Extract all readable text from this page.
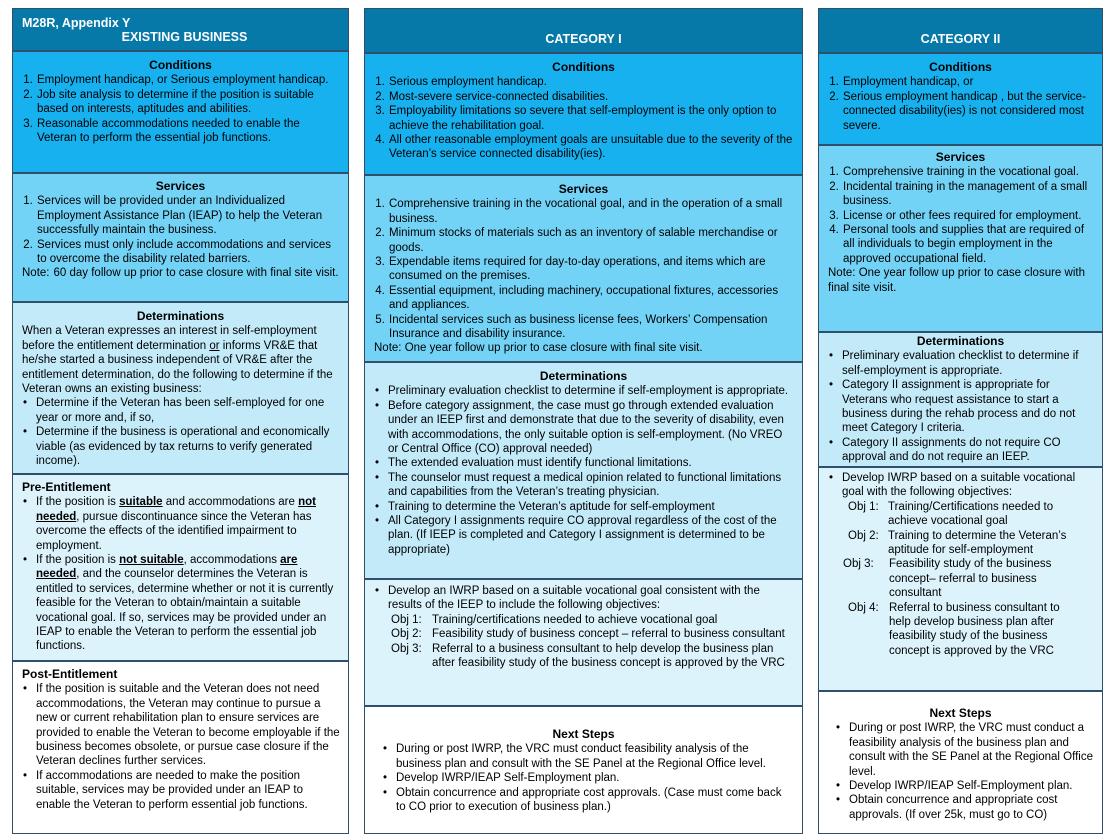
M28R, Appendix Y
EXISTING BUSINESS
Conditions
1. Employment handicap, or Serious employment handicap.
2. Job site analysis to determine if the position is suitable based on interests, aptitudes and abilities.
3. Reasonable accommodations needed to enable the Veteran to perform the essential job functions.
Services
1. Services will be provided under an Individualized Employment Assistance Plan (IEAP) to help the Veteran successfully maintain the business.
2. Services must only include accommodations and services to overcome the disability related barriers.
Note: 60 day follow up prior to case closure with final site visit.
Determinations
When a Veteran expresses an interest in self-employment before the entitlement determination or informs VR&E that he/she started a business independent of VR&E after the entitlement determination, do the following to determine if the Veteran owns an existing business:
• Determine if the Veteran has been self-employed for one year or more and, if so,
• Determine if the business is operational and economically viable (as evidenced by tax returns to verify generated income).
Pre-Entitlement
• If the position is suitable and accommodations are not needed, pursue discontinuance since the Veteran has overcome the effects of the identified impairment to employment.
• If the position is not suitable, accommodations are needed, and the counselor determines the Veteran is entitled to services, determine whether or not it is currently feasible for the Veteran to obtain/maintain a suitable vocational goal. If so, services may be provided under an IEAP to enable the Veteran to perform the essential job functions.
Post-Entitlement
• If the position is suitable and the Veteran does not need accommodations, the Veteran may continue to pursue a new or current rehabilitation plan to ensure services are provided to enable the Veteran to become employable if the business becomes obsolete, or pursue case closure if the Veteran declines further services.
• If accommodations are needed to make the position suitable, services may be provided under an IEAP to enable the Veteran to perform essential job functions.
CATEGORY I
Conditions
1. Serious employment handicap.
2. Most-severe service-connected disabilities.
3. Employability limitations so severe that self-employment is the only option to achieve the rehabilitation goal.
4. All other reasonable employment goals are unsuitable due to the severity of the Veteran’s service connected disability(ies).
Services
1. Comprehensive training in the vocational goal, and in the operation of a small business.
2. Minimum stocks of materials such as an inventory of salable merchandise or goods.
3. Expendable items required for day-to-day operations, and items which are consumed on the premises.
4. Essential equipment, including machinery, occupational fixtures, accessories and appliances.
5. Incidental services such as business license fees, Workers’ Compensation Insurance and disability insurance.
Note: One year follow up prior to case closure with final site visit.
Determinations
• Preliminary evaluation checklist to determine if self-employment is appropriate.
• Before category assignment, the case must go through extended evaluation under an IEEP first and demonstrate that due to the severity of disability, even with accommodations, the only suitable option is self-employment. (No VREO or Central Office (CO) approval needed)
• The extended evaluation must identify functional limitations.
• The counselor must request a medical opinion related to functional limitations and capabilities from the Veteran’s treating physician.
• Training to determine the Veteran’s aptitude for self-employment
• All Category I assignments require CO approval regardless of the cost of the plan. (If IEEP is completed and Category I assignment is determined to be appropriate)
• Develop an IWRP based on a suitable vocational goal consistent with the results of the IEEP to include the following objectives:
Obj 1: Training/certifications needed to achieve vocational goal
Obj 2: Feasibility study of business concept – referral to business consultant
Obj 3: Referral to a business consultant to help develop the business plan after feasibility study of the business concept is approved by the VRC
Next Steps
• During or post IWRP, the VRC must conduct feasibility analysis of the business plan and consult with the SE Panel at the Regional Office level.
• Develop IWRP/IEAP Self-Employment plan.
• Obtain concurrence and appropriate cost approvals. (Case must come back to CO prior to execution of business plan.)
CATEGORY II
Conditions
1. Employment handicap, or
2. Serious employment handicap , but the service-connected disability(ies) is not considered most severe.
Services
1. Comprehensive training in the vocational goal.
2. Incidental training in the management of a small business.
3. License or other fees required for employment.
4. Personal tools and supplies that are required of all individuals to begin employment in the approved occupational field.
Note: One year follow up prior to case closure with final site visit.
Determinations
• Preliminary evaluation checklist to determine if self-employment is appropriate.
• Category II assignment is appropriate for Veterans who request assistance to start a business during the rehab process and do not meet Category I criteria.
• Category II assignments do not require CO approval and do not require an IEEP.
• Develop IWRP based on a suitable vocational goal with the following objectives:
Obj 1: Training/Certifications needed to achieve vocational goal
Obj 2: Training to determine the Veteran’s aptitude for self-employment
Obj 3:	Feasibility study of the business concept– referral to business consultant
Obj 4: Referral to business consultant to help develop business plan after feasibility study of the business concept is approved by the VRC
Next Steps
• During or post IWRP, the VRC must conduct a feasibility analysis of the business plan and consult with the SE Panel at the Regional Office level.
• Develop IWRP/IEAP Self-Employment plan.
• Obtain concurrence and appropriate cost approvals. (If over 25k, must go to CO)
